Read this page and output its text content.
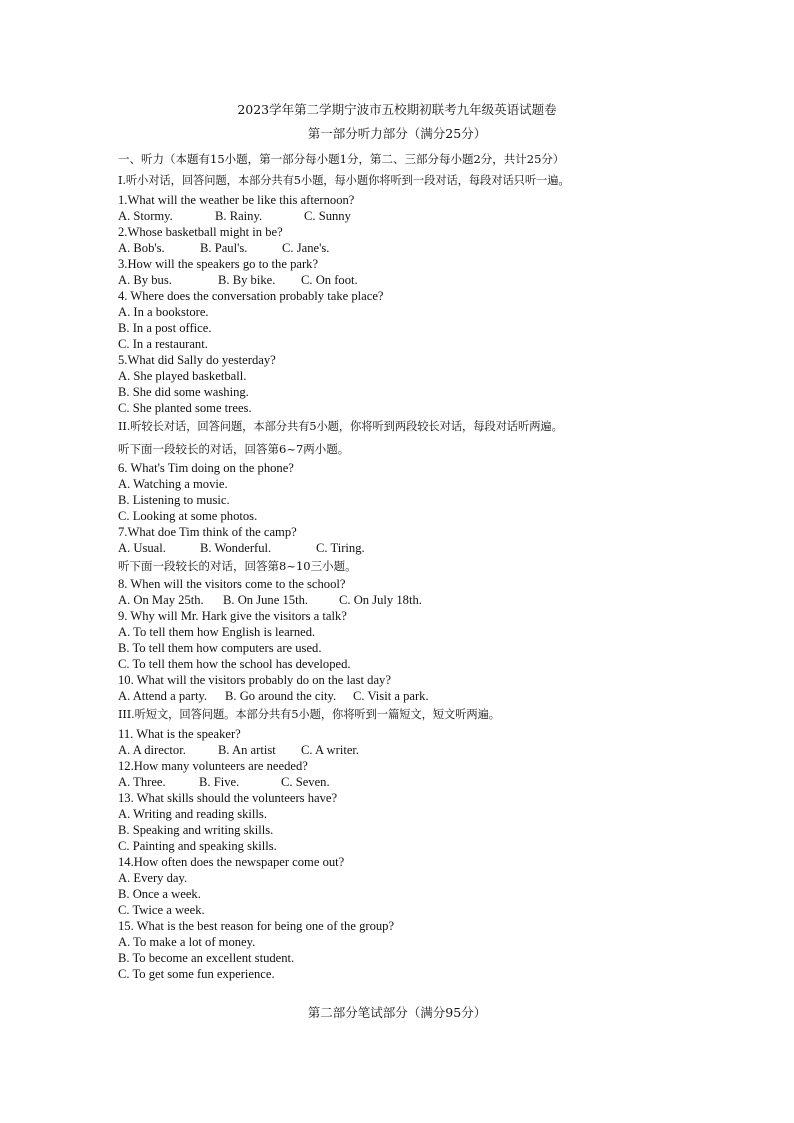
2023学年第二学期宁波市五校期初联考九年级英语试题卷
第一部分听力部分（满分25分）
一、听力（本题有15小题，第一部分每小题1分，第二、三部分每小题2分，共计25分）
I.听小对话，回答问题，本部分共有5小题，每小题你将听到一段对话，每段对话只听一遍。
1.What will the weather be like this afternoon?
A. Stormy.	B. Rainy.	C. Sunny
2.Whose basketball might in be?
A. Bob's.	B. Paul's.	C. Jane's.
3.How will the speakers go to the park?
A. By bus.	B. By bike. C. On foot.
4. Where does the conversation probably take place?
A. In a bookstore.
B. In a post office.
C. In a restaurant.
5.What did Sally do yesterday?
A. She played basketball.
B. She did some washing.
C. She planted some trees.
II.听较长对话，回答问题，本部分共有5小题，你将听到两段较长对话，每段对话听两遍。
听下面一段较长的对话，回答第6~7两小题。
6. What's Tim doing on the phone?
A. Watching a movie.
B. Listening to music.
C. Looking at some photos.
7.What doe Tim think of the camp?
A. Usual.	B. Wonderful.	C. Tiring.
听下面一段较长的对话，回答第8~10三小题。
8. When will the visitors come to the school?
A. On May 25th. B. On June 15th. C. On July 18th.
9. Why will Mr. Hark give the visitors a talk?
A. To tell them how English is learned.
B. To tell them how computers are used.
C. To tell them how the school has developed.
10. What will the visitors probably do on the last day?
A. Attend a party. B. Go around the city. C. Visit a park.
III.听短文，回答问题。本部分共有5小题，你将听到一篇短文，短文听两遍。
11. What is the speaker?
A. A director.	B. An artist C. A writer.
12.How many volunteers are needed?
A. Three.	B. Five.	C. Seven.
13. What skills should the volunteers have?
A. Writing and reading skills.
B. Speaking and writing skills.
C. Painting and speaking skills.
14.How often does the newspaper come out?
A. Every day.
B. Once a week.
C. Twice a week.
15. What is the best reason for being one of the group?
A. To make a lot of money.
B. To become an excellent student.
C. To get some fun experience.
第二部分笔试部分（满分95分）
